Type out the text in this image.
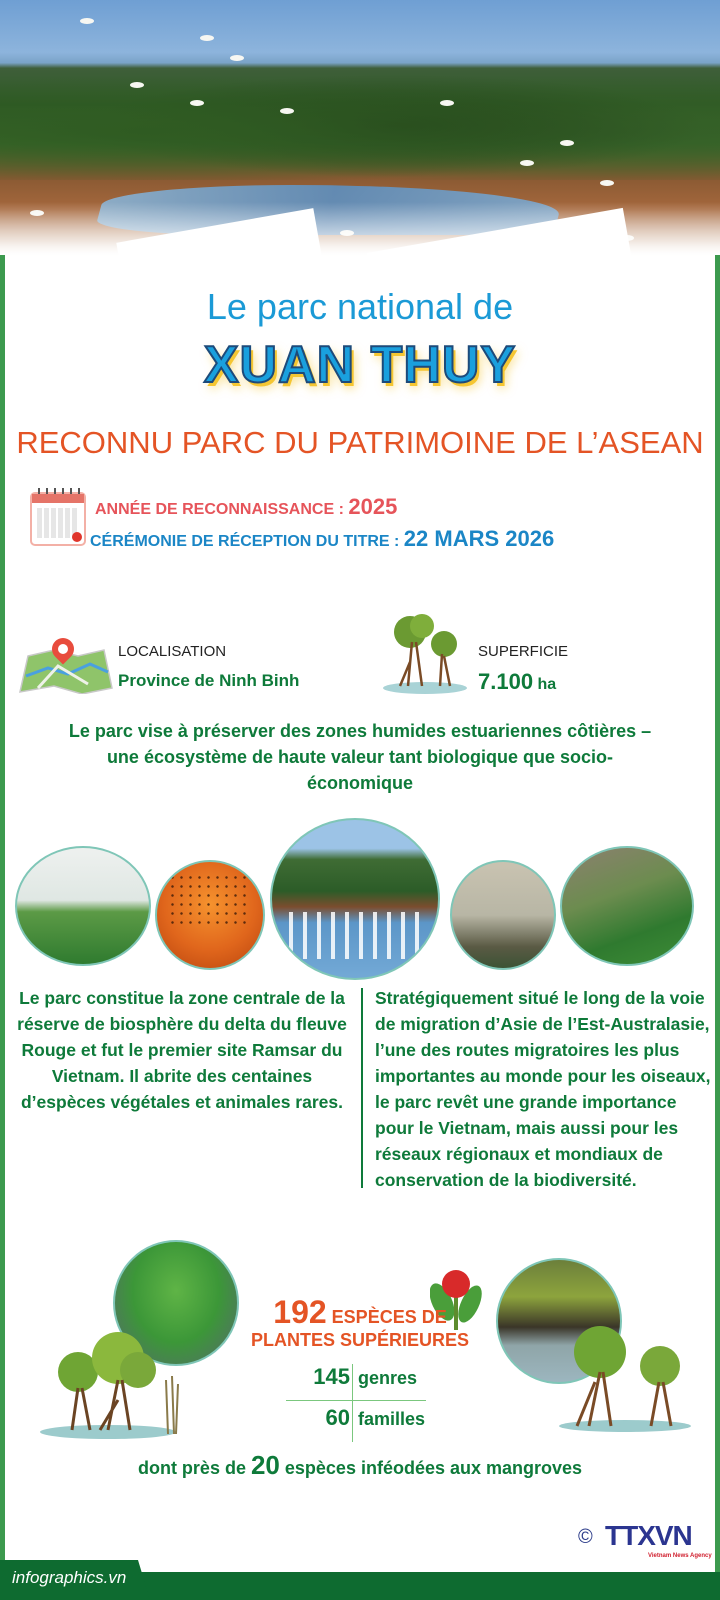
Le parc national de
XUAN THUY
RECONNU PARC DU PATRIMOINE DE L’ASEAN
ANNÉE DE RECONNAISSANCE : 2025
CÉRÉMONIE DE RÉCEPTION DU TITRE : 22 MARS 2026
LOCALISATION
Province de Ninh Binh
SUPERFICIE
7.100 ha
Le parc vise à préserver des zones humides estuariennes côtières – une écosystème de haute valeur tant biologique que socio-économique
Le parc constitue la zone centrale de la réserve de biosphère du delta du fleuve Rouge et fut le premier site Ramsar du Vietnam. Il abrite des centaines d’espèces végétales et animales rares.
Stratégiquement situé le long de la voie de migration d’Asie de l’Est-Australasie, l’une des routes migratoires les plus importantes au monde pour les oiseaux, le parc revêt une grande importance pour le Vietnam, mais aussi pour les réseaux régionaux et mondiaux de conservation de la biodiversité.
192 ESPÈCES DE
PLANTES SUPÉRIEURES
145 genres
60 familles
dont près de 20 espèces inféodées aux mangroves
© TTXVN
Vietnam News Agency
infographics.vn
